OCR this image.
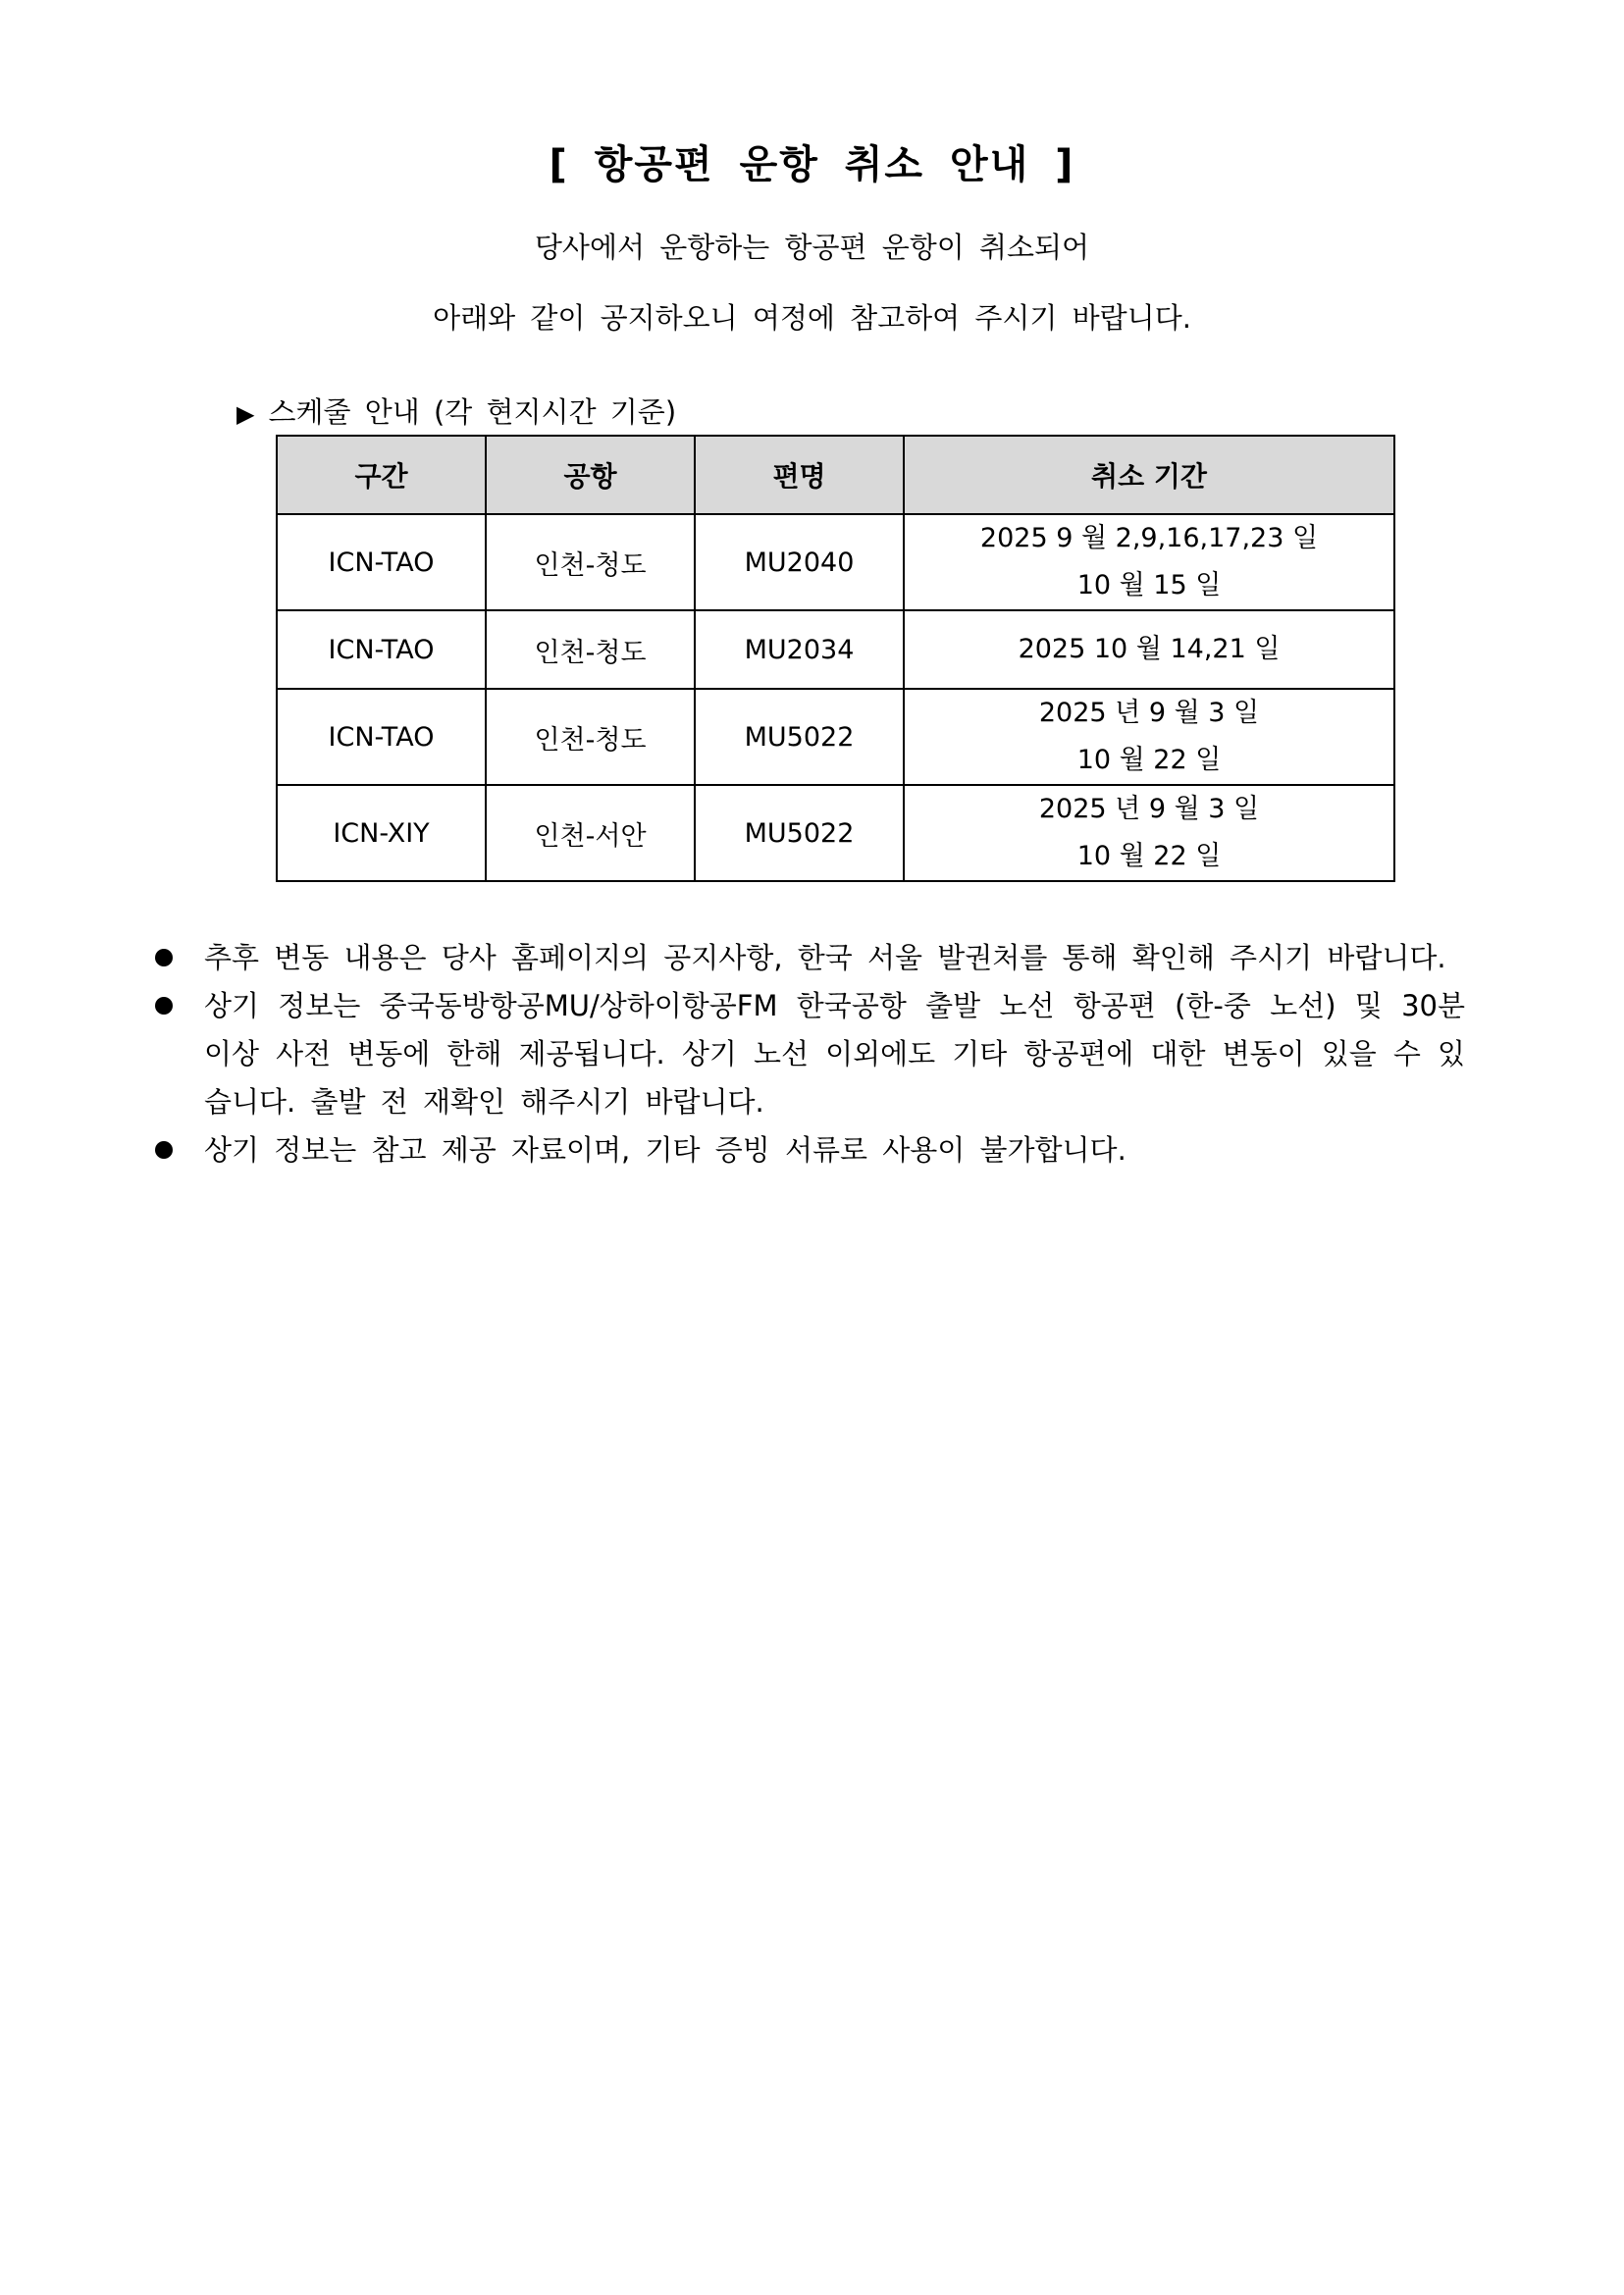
[ 항공편 운항 취소 안내 ]
당사에서 운항하는 항공편 운항이 취소되어
아래와 같이 공지하오니 여정에 참고하여 주시기 바랍니다.
▶ 스케줄 안내 (각 현지시간 기준)
구간	공항	편명	취소 기간
ICN-TAO	인천-청도	MU2040	2025 9 월 2,9,16,17,23 일
10 월 15 일

ICN-TAO	인천-청도	MU2034	2025 10 월 14,21 일

ICN-TAO	인천-청도	MU5022	2025 년 9 월 3 일
10 월 22 일

ICN-XIY	인천-서안	MU5022	2025 년 9 월 3 일
10 월 22 일
추후 변동 내용은 당사 홈페이지의 공지사항, 한국 서울 발권처를 통해 확인해 주시기 바랍니다.
상기 정보는 중국동방항공MU/상하이항공FM 한국공항 출발 노선 항공편 (한-중 노선) 및 30분 이상 사전 변동에 한해 제공됩니다. 상기 노선 이외에도 기타 항공편에 대한 변동이 있을 수 있습니다. 출발 전 재확인 해주시기 바랍니다.
상기 정보는 참고 제공 자료이며, 기타 증빙 서류로 사용이 불가합니다.
